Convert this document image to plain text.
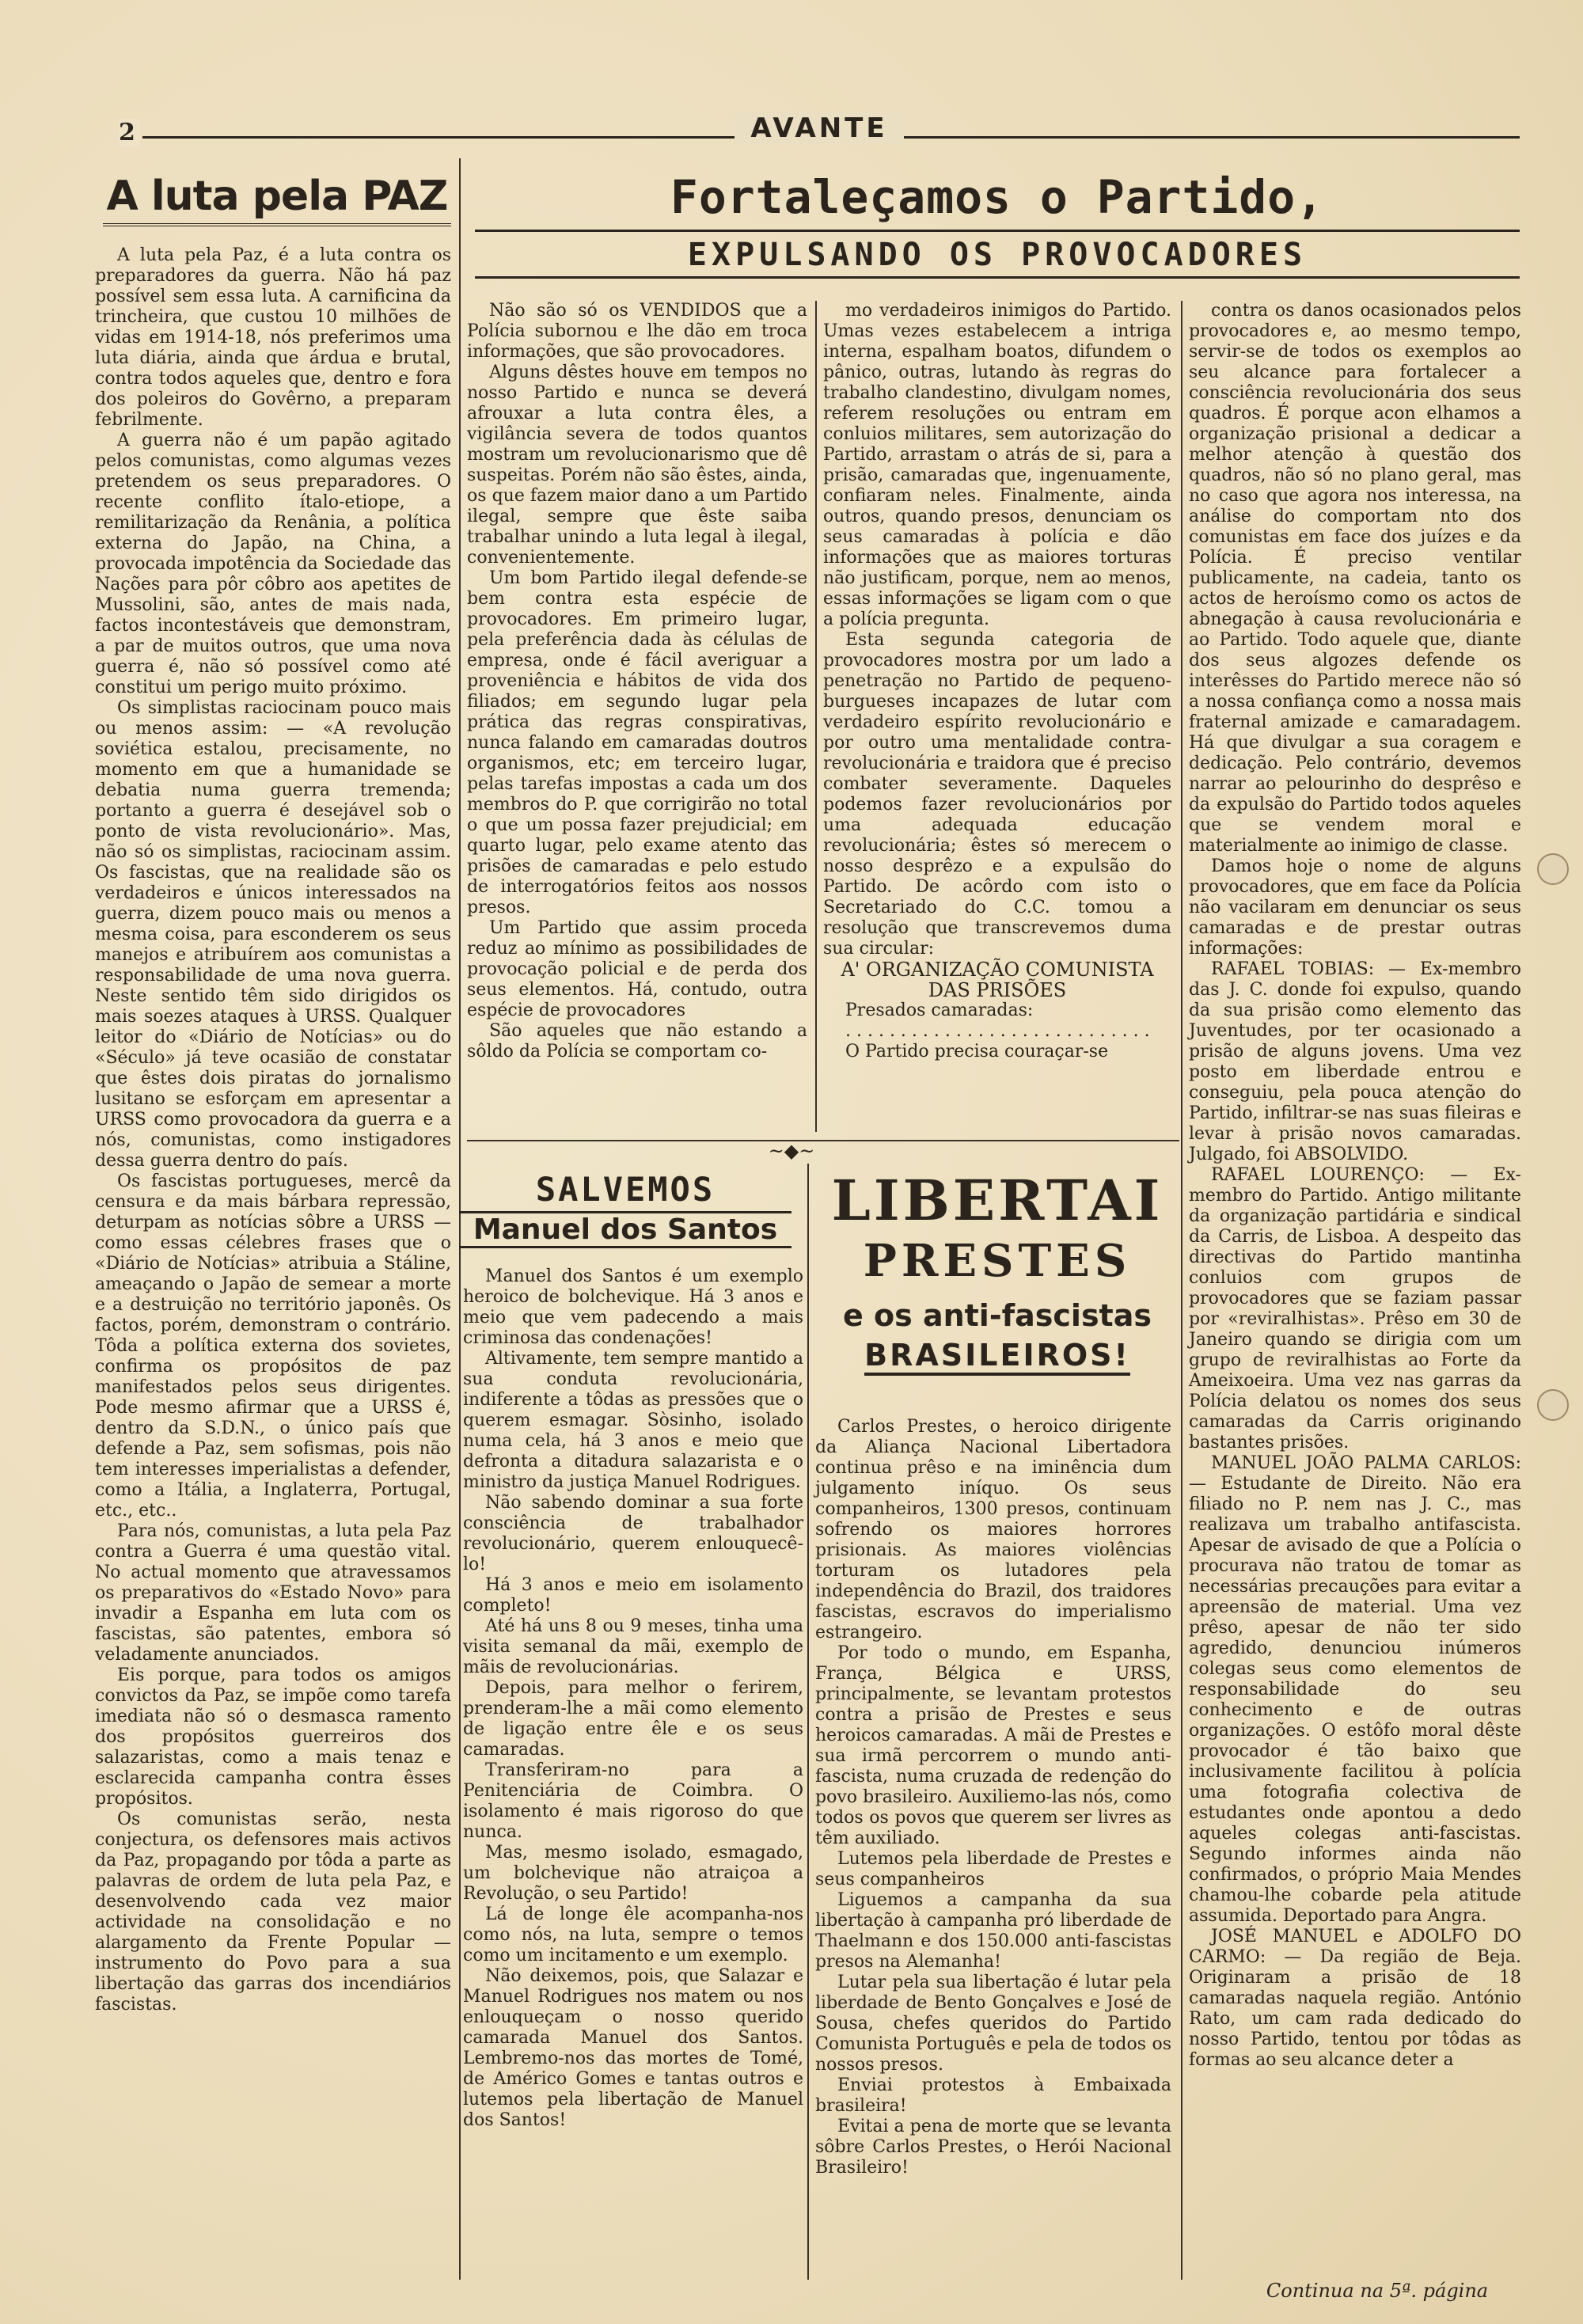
AVANTE
2
A luta pela PAZ

A luta pela Paz, é a luta contra os preparadores da guerra. Não há paz possível sem essa luta. A carnificina da trincheira, que custou 10 milhões de vidas em 1914-18, nós preferimos uma luta diária, ainda que árdua e brutal, contra todos aqueles que, dentro e fora dos poleiros do Govêrno, a preparam febrilmente.

A guerra não é um papão agitado pelos comunistas, como algumas vezes pretendem os seus preparadores. O recente conflito ítalo-etiope, a remilitarização da Renânia, a política externa do Japão, na China, a provocada impotência da Sociedade das Nações para pôr côbro aos apetites de Mussolini, são, antes de mais nada, factos incontestáveis que demonstram, a par de muitos outros, que uma nova guerra é, não só possível como até constitui um perigo muito próximo.

Os simplistas raciocinam pouco mais ou menos assim: — «A revolução soviética estalou, precisamente, no momento em que a humanidade se debatia numa guerra tremenda; portanto a guerra é desejável sob o ponto de vista revolucionário». Mas, não só os simplistas, raciocinam assim. Os fascistas, que na realidade são os verdadeiros e únicos interessados na guerra, dizem pouco mais ou menos a mesma coisa, para esconderem os seus manejos e atribuírem aos comunistas a responsabilidade de uma nova guerra. Neste sentido têm sido dirigidos os mais soezes ataques à URSS. Qualquer leitor do «Diário de Notícias» ou do «Século» já teve ocasião de constatar que êstes dois piratas do jornalismo lusitano se esforçam em apresentar a URSS como provocadora da guerra e a nós, comunistas, como instigadores dessa guerra dentro do país.

Os fascistas portugueses, mercê da censura e da mais bárbara repressão, deturpam as notícias sôbre a URSS — como essas célebres frases que o «Diário de Notícias» atribuia a Stáline, ameaçando o Japão de semear a morte e a destruição no território japonês. Os factos, porém, demonstram o contrário. Tôda a política externa dos sovietes, confirma os propósitos de paz manifestados pelos seus dirigentes. Pode mesmo afirmar que a URSS é, dentro da S.D.N., o único país que defende a Paz, sem sofismas, pois não tem interesses imperialistas a defender, como a Itália, a Inglaterra, Portugal, etc., etc..

Para nós, comunistas, a luta pela Paz contra a Guerra é uma questão vital. No actual momento que atravessamos os preparativos do «Estado Novo» para invadir a Espanha em luta com os fascistas, são patentes, embora só veladamente anunciados.

Eis porque, para todos os amigos convictos da Paz, se impõe como tarefa imediata não só o desmasca ramento dos propósitos guerreiros dos salazaristas, como a mais tenaz e esclarecida campanha contra êsses propósitos.

Os comunistas serão, nesta conjectura, os defensores mais activos da Paz, propagando por tôda a parte as palavras de ordem de luta pela Paz, e desenvolvendo cada vez maior actividade na consolidação e no alargamento da Frente Popular — instrumento do Povo para a sua libertação das garras dos incendiários fascistas.

Fortaleçamos o Partido,
EXPULSANDO OS PROVOCADORES

Não são só os VENDIDOS que a Polícia subornou e lhe dão em troca informações, que são provocadores.

Alguns dêstes houve em tempos no nosso Partido e nunca se deverá afrouxar a luta contra êles, a vigilância severa de todos quantos mostram um revolucionarismo que dê suspeitas. Porém não são êstes, ainda, os que fazem maior dano a um Partido ilegal, sempre que êste saiba trabalhar unindo a luta legal à ilegal, convenientemente.

Um bom Partido ilegal defende-se bem contra esta espécie de provocadores. Em primeiro lugar, pela preferência dada às células de empresa, onde é fácil averiguar a proveniência e hábitos de vida dos filiados; em segundo lugar pela prática das regras conspirativas, nunca falando em camaradas doutros organismos, etc; em terceiro lugar, pelas tarefas impostas a cada um dos membros do P. que corrigirão no total o que um possa fazer prejudicial; em quarto lugar, pelo exame atento das prisões de camaradas e pelo estudo de interrogatórios feitos aos nossos presos.

Um Partido que assim proceda reduz ao mínimo as possibilidades de provocação policial e de perda dos seus elementos. Há, contudo, outra espécie de provocadores

São aqueles que não estando a sôldo da Polícia se comportam co-

mo verdadeiros inimigos do Partido. Umas vezes estabelecem a intriga interna, espalham boatos, difundem o pânico, outras, lutando às regras do trabalho clandestino, divulgam nomes, referem resoluções ou entram em conluios militares, sem autorização do Partido, arrastam o atrás de si, para a prisão, camaradas que, ingenuamente, confiaram neles. Finalmente, ainda outros, quando presos, denunciam os seus camaradas à polícia e dão informações que as maiores torturas não justificam, porque, nem ao menos, essas informações se ligam com o que a polícia pregunta.

Esta segunda categoria de provocadores mostra por um lado a penetração no Partido de pequeno-burgueses incapazes de lutar com verdadeiro espírito revolucionário e por outro uma mentalidade contra-revolucionária e traidora que é preciso combater severamente. Daqueles podemos fazer revolucionários por uma adequada educação revolucionária; êstes só merecem o nosso desprêzo e a expulsão do Partido. De acôrdo com isto o Secretariado do C.C. tomou a resolução que transcrevemos duma sua circular:

A' ORGANIZAÇÃO COMUNISTA DAS PRISÕES

Presados camaradas:

. . . . . . . . . . . . . . . . . . . . . . . . . . . .

O Partido precisa couraçar-se

contra os danos ocasionados pelos provocadores e, ao mesmo tempo, servir-se de todos os exemplos ao seu alcance para fortalecer a consciência revolucionária dos seus quadros. É porque acon elhamos a organização prisional a dedicar a melhor atenção à questão dos quadros, não só no plano geral, mas no caso que agora nos interessa, na análise do comportam nto dos comunistas em face dos juízes e da Polícia. É preciso ventilar publicamente, na cadeia, tanto os actos de heroísmo como os actos de abnegação à causa revolucionária e ao Partido. Todo aquele que, diante dos seus algozes defende os interêsses do Partido merece não só a nossa confiança como a nossa mais fraternal amizade e camaradagem. Há que divulgar a sua coragem e dedicação. Pelo contrário, devemos narrar ao pelourinho do desprêso e da expulsão do Partido todos aqueles que se vendem moral e materialmente ao inimigo de classe.

Damos hoje o nome de alguns provocadores, que em face da Polícia não vacilaram em denunciar os seus camaradas e de prestar outras informações:

RAFAEL TOBIAS: — Ex-membro das J. C. donde foi expulso, quando da sua prisão como elemento das Juventudes, por ter ocasionado a prisão de alguns jovens. Uma vez posto em liberdade entrou e conseguiu, pela pouca atenção do Partido, infiltrar-se nas suas fileiras e levar à prisão novos camaradas. Julgado, foi ABSOLVIDO.

RAFAEL LOURENÇO: — Ex-membro do Partido. Antigo militante da organização partidária e sindical da Carris, de Lisboa. A despeito das directivas do Partido mantinha conluios com grupos de provocadores que se faziam passar por «reviralhistas». Prêso em 30 de Janeiro quando se dirigia com um grupo de reviralhistas ao Forte da Ameixoeira. Uma vez nas garras da Polícia delatou os nomes dos seus camaradas da Carris originando bastantes prisões.

MANUEL JOÃO PALMA CARLOS: — Estudante de Direito. Não era filiado no P. nem nas J. C., mas realizava um trabalho antifascista. Apesar de avisado de que a Polícia o procurava não tratou de tomar as necessárias precauções para evitar a apreensão de material. Uma vez prêso, apesar de não ter sido agredido, denunciou inúmeros colegas seus como elementos de responsabilidade do seu conhecimento e de outras organizações. O estôfo moral dêste provocador é tão baixo que inclusivamente facilitou à polícia uma fotografia colectiva de estudantes onde apontou a dedo aqueles colegas anti-fascistas. Segundo informes ainda não confirmados, o próprio Maia Mendes chamou-lhe cobarde pela atitude assumida. Deportado para Angra.

JOSÉ MANUEL e ADOLFO DO CARMO: — Da região de Beja. Originaram a prisão de 18 camaradas naquela região. António Rato, um cam rada dedicado do nosso Partido, tentou por tôdas as formas ao seu alcance deter a

Continua na 5ª. página
~◆~
SALVEMOS
Manuel dos Santos

Manuel dos Santos é um exemplo heroico de bolchevique. Há 3 anos e meio que vem padecendo a mais criminosa das condenações!

Altivamente, tem sempre mantido a sua conduta revolucionária, indiferente a tôdas as pressões que o querem esmagar. Sòsinho, isolado numa cela, há 3 anos e meio que defronta a ditadura salazarista e o ministro da justiça Manuel Rodrigues.

Não sabendo dominar a sua forte consciência de trabalhador revolucionário, querem enlouquecê-lo!

Há 3 anos e meio em isolamento completo!

Até há uns 8 ou 9 meses, tinha uma visita semanal da mãi, exemplo de mãis de revolucionárias.

Depois, para melhor o ferirem, prenderam-lhe a mãi como elemento de ligação entre êle e os seus camaradas.

Transferiram-no para a Penitenciária de Coimbra. O isolamento é mais rigoroso do que nunca.

Mas, mesmo isolado, esmagado, um bolchevique não atraiçoa a Revolução, o seu Partido!

Lá de longe êle acompanha-nos como nós, na luta, sempre o temos como um incitamento e um exemplo.

Não deixemos, pois, que Salazar e Manuel Rodrigues nos matem ou nos enlouqueçam o nosso querido camarada Manuel dos Santos. Lembremo-nos das mortes de Tomé, de Américo Gomes e tantas outros e lutemos pela libertação de Manuel dos Santos!

LIBERTAI
PRESTES
e os anti-fascistas
BRASILEIROS!

Carlos Prestes, o heroico dirigente da Aliança Nacional Libertadora continua prêso e na iminência dum julgamento iníquo. Os seus companheiros, 1300 presos, continuam sofrendo os maiores horrores prisionais. As maiores violências torturam os lutadores pela independência do Brazil, dos traidores fascistas, escravos do imperialismo estrangeiro.

Por todo o mundo, em Espanha, França, Bélgica e URSS, principalmente, se levantam protestos contra a prisão de Prestes e seus heroicos camaradas. A mãi de Prestes e sua irmã percorrem o mundo anti-fascista, numa cruzada de redenção do povo brasileiro. Auxiliemo-las nós, como todos os povos que querem ser livres as têm auxiliado.

Lutemos pela liberdade de Prestes e seus companheiros

Liguemos a campanha da sua libertação à campanha pró liberdade de Thaelmann e dos 150.000 anti-fascistas presos na Alemanha!

Lutar pela sua libertação é lutar pela liberdade de Bento Gonçalves e José de Sousa, chefes queridos do Partido Comunista Português e pela de todos os nossos presos.

Enviai protestos à Embaixada brasileira!

Evitai a pena de morte que se levanta sôbre Carlos Prestes, o Herói Nacional Brasileiro!
